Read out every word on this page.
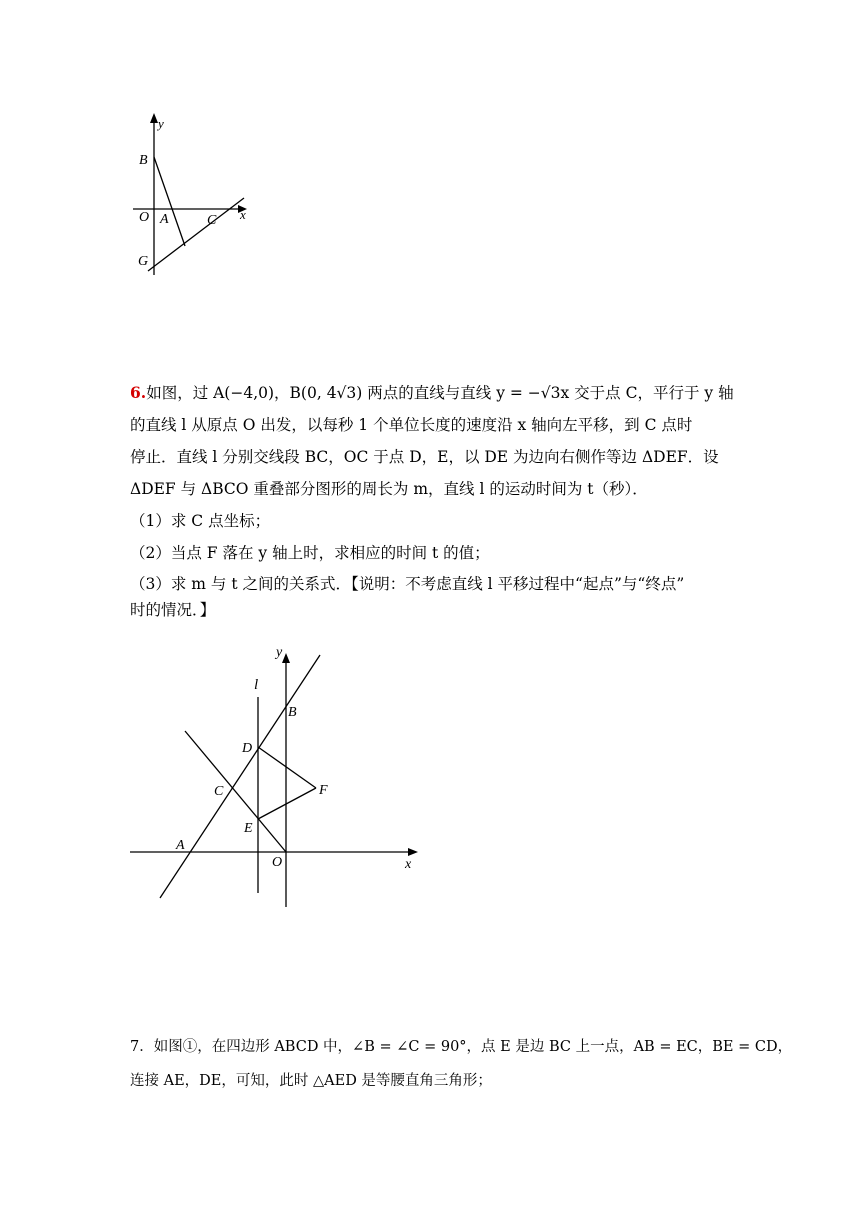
y
x
B
O A	C
G
6.如图，过 A(−4,0)，B(0, 4√3) 两点的直线与直线 y = −√3x 交于点 C，平行于 y 轴
的直线 l 从原点 O 出发，以每秒 1 个单位长度的速度沿 x 轴向左平移，到 C 点时
停止．直线 l 分别交线段 BC，OC 于点 D，E，以 DE 为边向右侧作等边 ΔDEF．设
ΔDEF 与 ΔBCO 重叠部分图形的周长为 m，直线 l 的运动时间为 t（秒）．
（1）求 C 点坐标；
（2）当点 F 落在 y 轴上时，求相应的时间 t 的值；
（3）求 m 与 t 之间的关系式．【说明：不考虑直线 l 平移过程中“起点”与“终点”
时的情况．】
y
l
B
D
C	F
E
A
O	x
7．如图①，在四边形 ABCD 中，∠B = ∠C = 90°，点 E 是边 BC 上一点，AB = EC，BE = CD，
连接 AE，DE，可知，此时 △AED 是等腰直角三角形；
